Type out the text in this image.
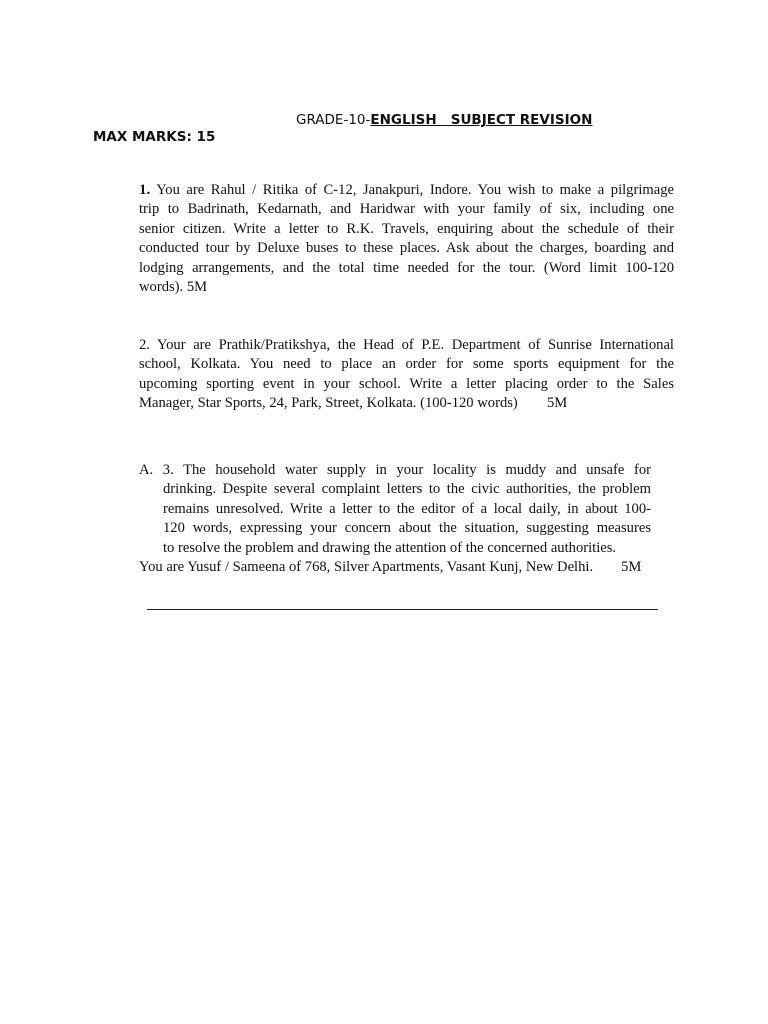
GRADE-10-ENGLISH   SUBJECT REVISION
MAX MARKS: 15
1. You are Rahul / Ritika of C-12, Janakpuri, Indore. You wish to make a pilgrimage
trip to Badrinath, Kedarnath, and Haridwar with your family of six, including one
senior citizen. Write a letter to R.K. Travels, enquiring about the schedule of their
conducted tour by Deluxe buses to these places. Ask about the charges, boarding and
lodging arrangements, and the total time needed for the tour. (Word limit 100-120
words). 5M
2. Your are Prathik/Pratikshya, the Head of P.E. Department of Sunrise International
school, Kolkata. You need to place an order for some sports equipment for the
upcoming sporting event in your school. Write a letter placing order to the Sales
Manager, Star Sports, 24, Park, Street, Kolkata. (100-120 words)        5M
A. 3. The household water supply in your locality is muddy and unsafe for
drinking. Despite several complaint letters to the civic authorities, the problem
remains unresolved. Write a letter to the editor of a local daily, in about 100-
120 words, expressing your concern about the situation, suggesting measures
to resolve the problem and drawing the attention of the concerned authorities.
You are Yusuf / Sameena of 768, Silver Apartments, Vasant Kunj, New Delhi. 5M
